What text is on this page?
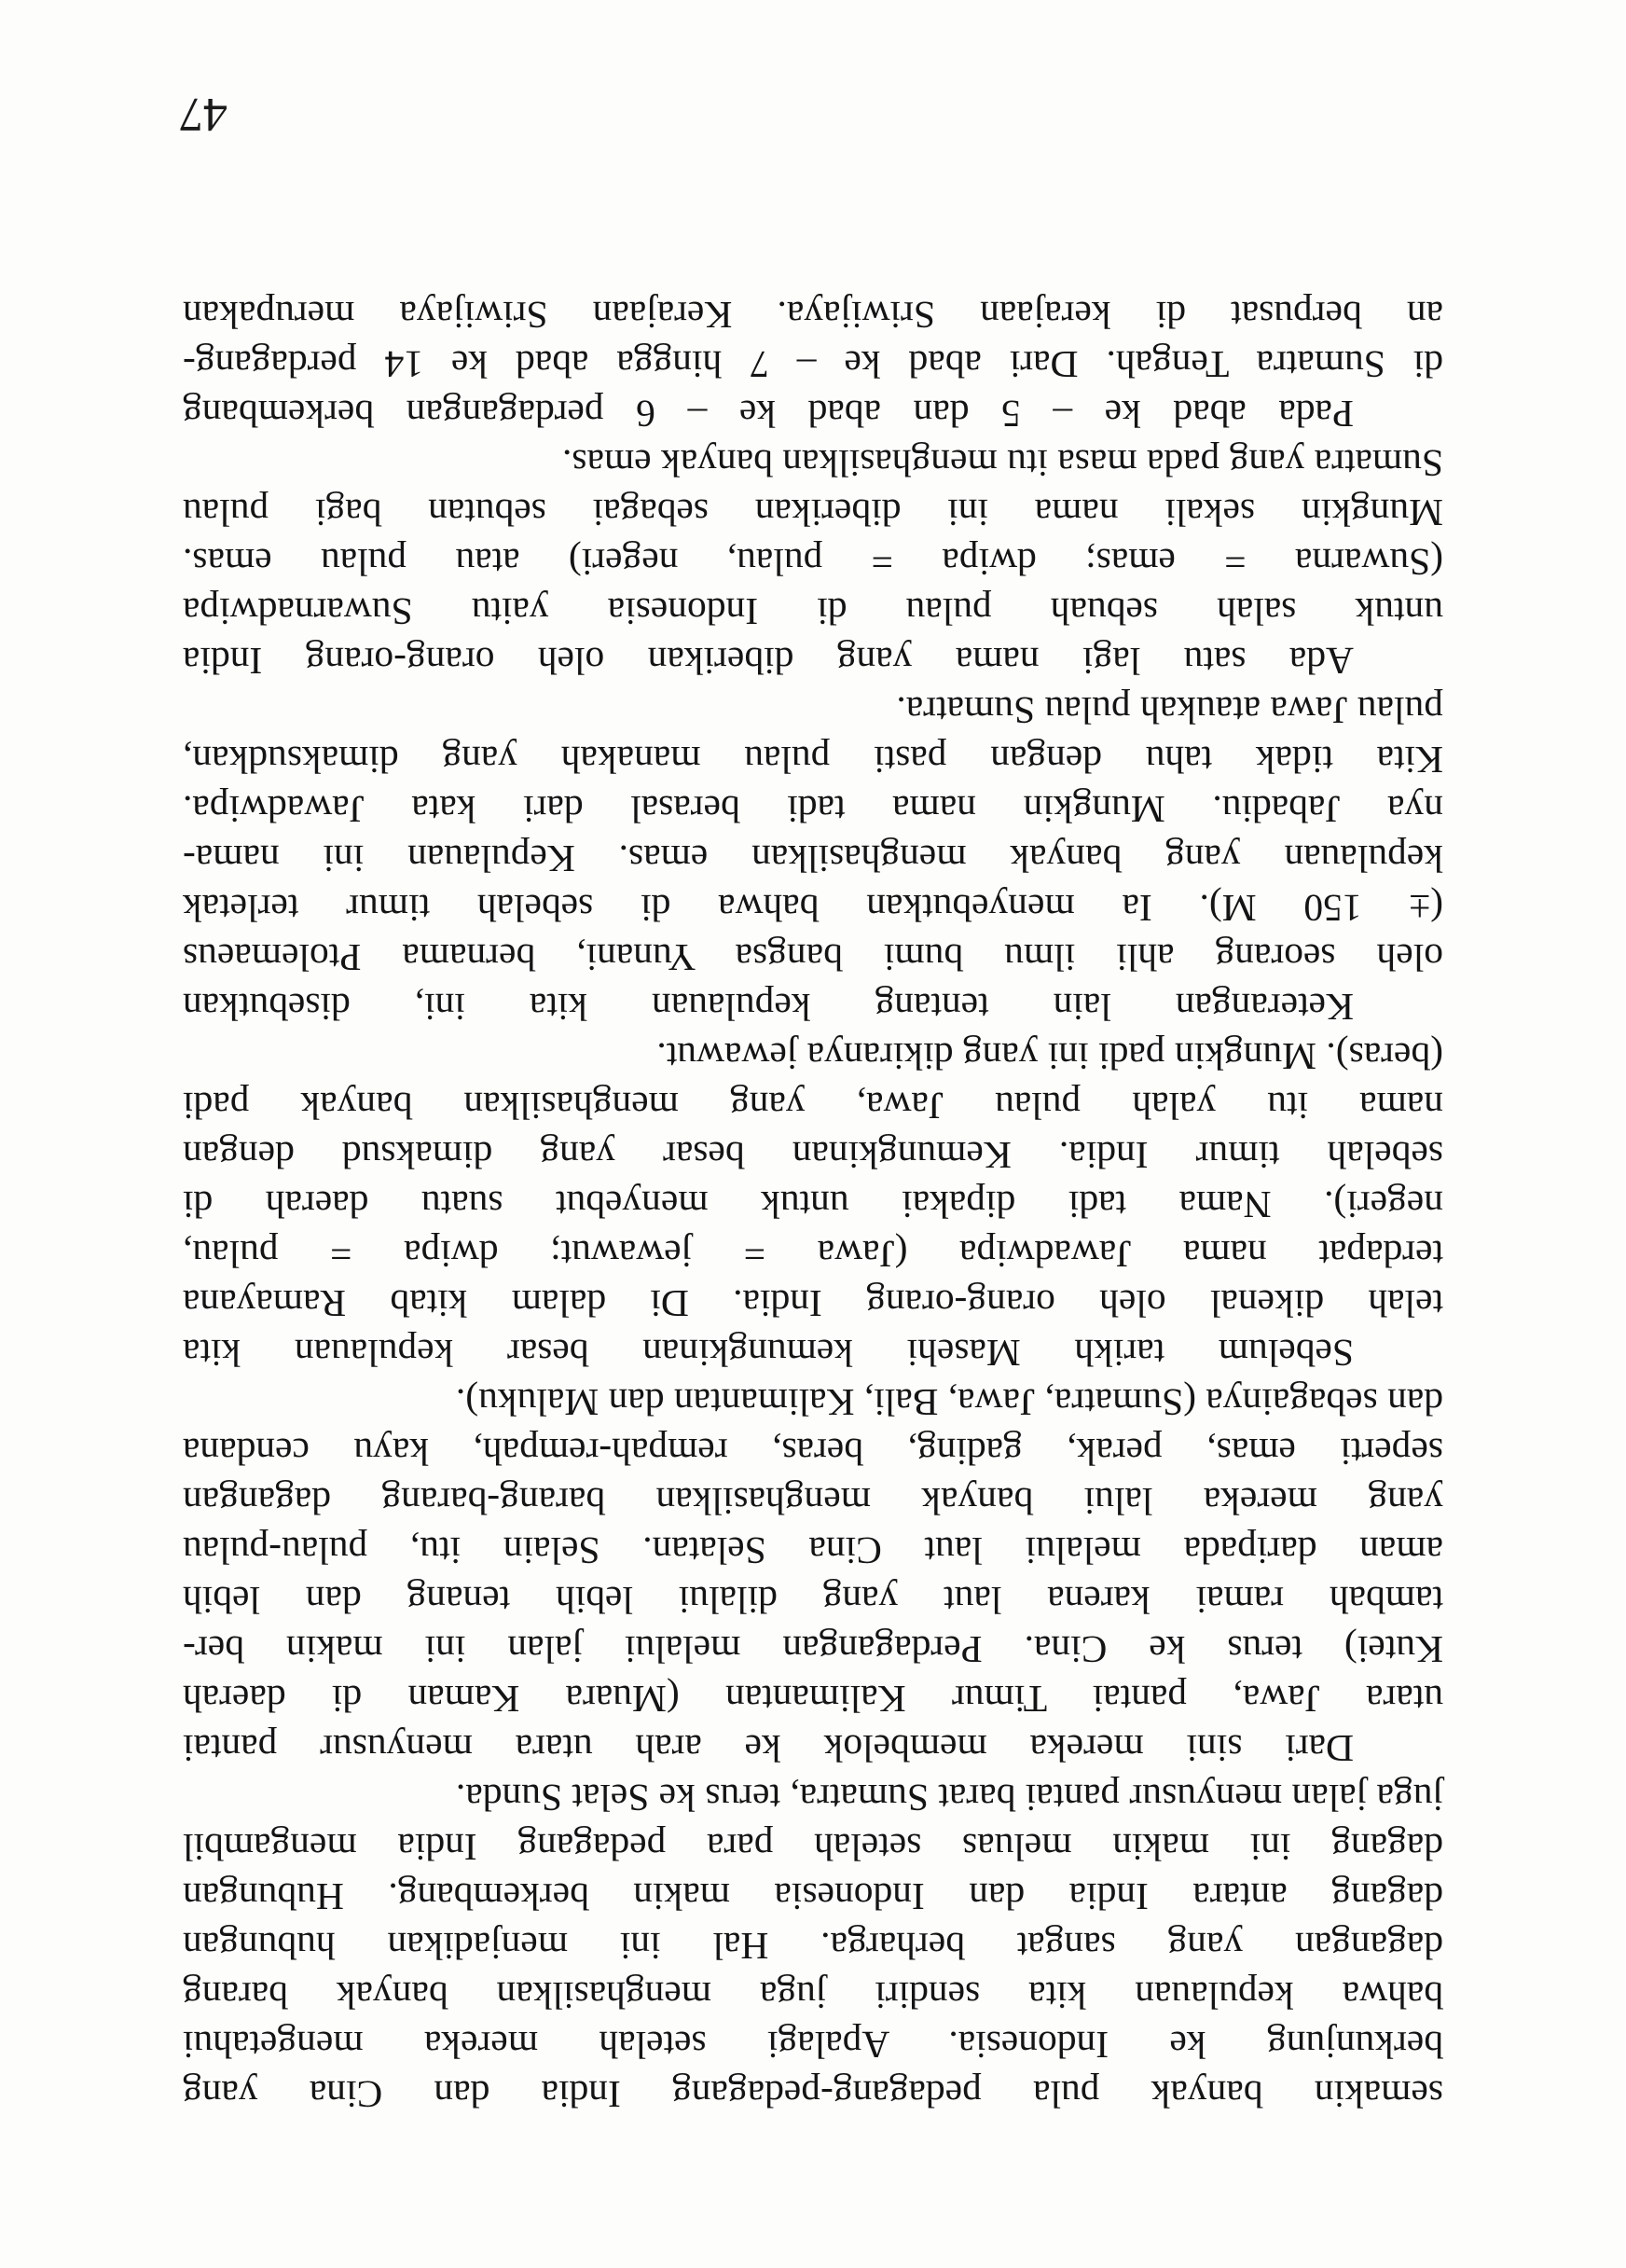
semakin banyak pula pedagang-pedagang India dan Cina yang
berkunjung ke Indonesia. Apalagi setelah mereka mengetahui
bahwa kepulauan kita sendiri juga menghasilkan banyak barang
dagangan yang sangat berharga. Hal ini menjadikan hubungan
dagang antara India dan Indonesia makin berkembang. Hubungan
dagang ini makin meluas setelah para pedagang India mengambil
juga jalan menyusur pantai barat Sumatra, terus ke Selat Sunda.
Dari sini mereka membelok ke arah utara menyusur pantai
utara Jawa, pantai Timur Kalimantan (Muara Kaman di daerah
Kutei) terus ke Cina. Perdagangan melalui jalan ini makin ber-
tambah ramai karena laut yang dilalui lebih tenang dan lebih
aman daripada melalui laut Cina Selatan. Selain itu, pulau-pulau
yang mereka lalui banyak menghasilkan barang-barang dagangan
seperti emas, perak, gading, beras, rempah-rempah, kayu cendana
dan sebagainya (Sumatra, Jawa, Bali, Kalimantan dan Maluku).
Sebelum tarikh Masehi kemungkinan besar kepulauan kita
telah dikenal oleh orang-orang India. Di dalam kitab Ramayana
terdapat nama Jawadwipa (Jawa = jewawut; dwipa = pulau,
negeri). Nama tadi dipakai untuk menyebut suatu daerah di
sebelah timur India. Kemungkinan besar yang dimaksud dengan
nama itu yalah pulau Jawa, yang menghasilkan banyak padi
(beras). Mungkin padi ini yang dikiranya jewawut.
Keterangan lain tentang kepulauan kita ini, disebutkan
oleh seorang ahli ilmu bumi bangsa Yunani, bernama Ptolemaeus
(± 150 M). Ia menyebutkan bahwa di sebelah timur terletak
kepulauan yang banyak menghasilkan emas. Kepulauan ini nama-
nya Jabadiu. Mungkin nama tadi berasal dari kata Jawadwipa.
Kita tidak tahu dengan pasti pulau manakah yang dimaksudkan,
pulau Jawa ataukah pulau Sumatra.
Ada satu lagi nama yang diberikan oleh orang-orang India
untuk salah sebuah pulau di Indonesia yaitu Suwarnadwipa
(Suwarna = emas; dwipa = pulau, negeri) atau pulau emas.
Mungkin sekali nama ini diberikan sebagai sebutan bagi pulau
Sumatra yang pada masa itu menghasilkan banyak emas.
Pada abad ke – 5 dan abad ke – 6 perdagangan berkembang
di Sumatra Tengah. Dari abad ke – 7 hingga abad ke 14 perdagang-
an berpusat di kerajaan Sriwijaya. Kerajaan Sriwijaya merupakan
47
